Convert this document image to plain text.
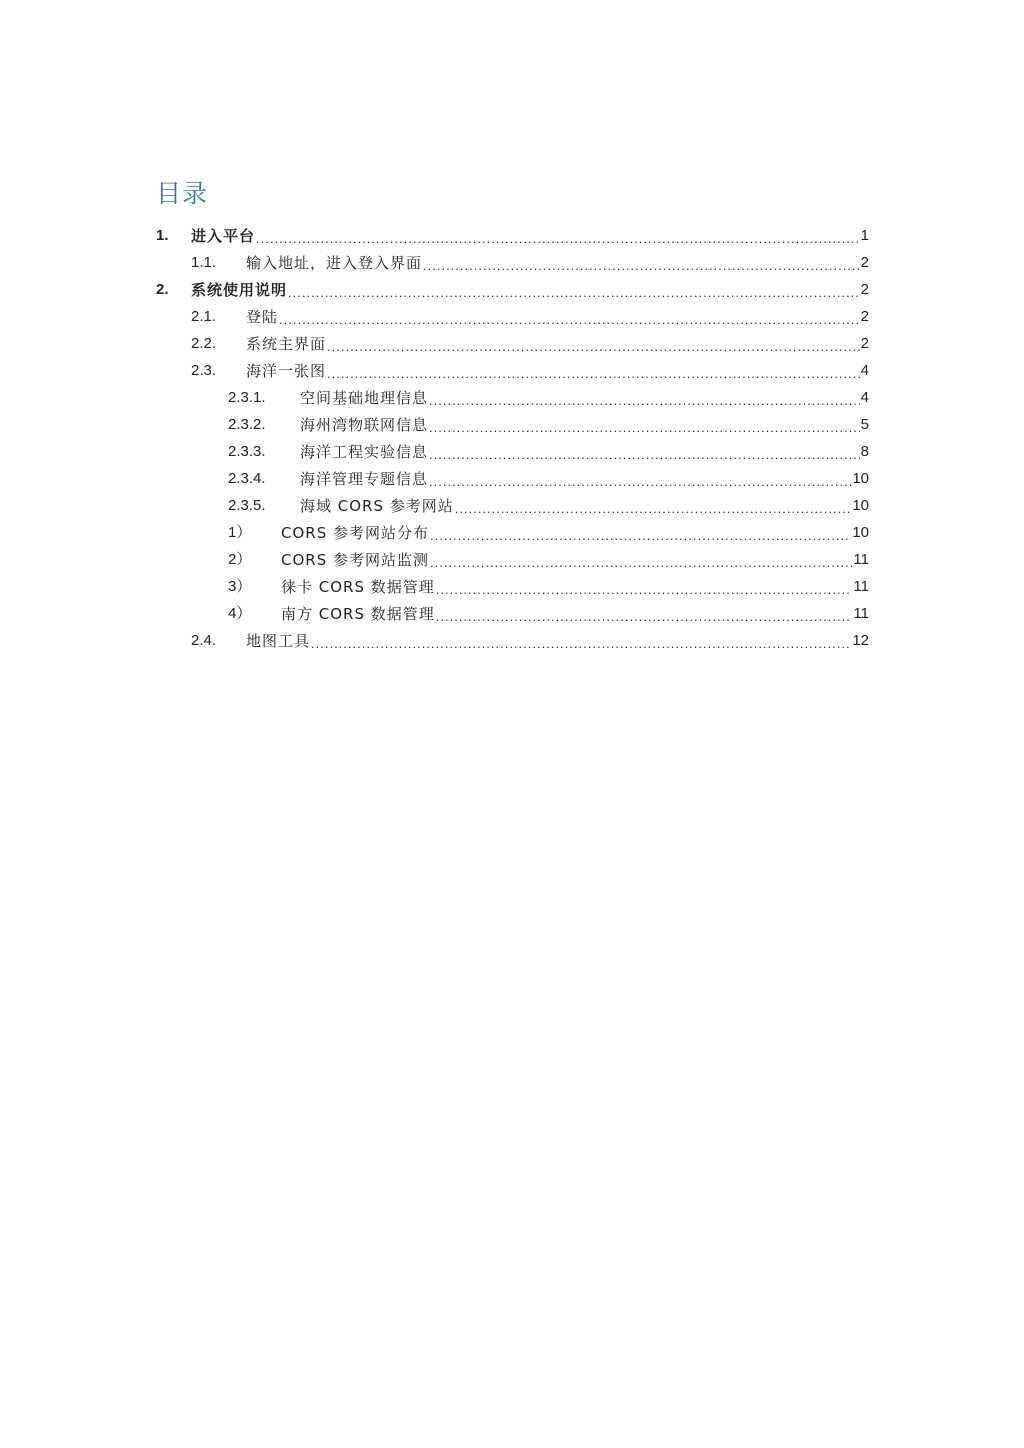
目录
1.	进入平台 .....	1
1.1.	输入地址，进入登入界面 .....	2
2.	系统使用说明 .....	2
2.1.	登陆 .....	2
2.2.	系统主界面 .....	2
2.3.	海洋一张图 .....	4
2.3.1.	空间基础地理信息 .....	4
2.3.2.	海州湾物联网信息 .....	5
2.3.3.	海洋工程实验信息 .....	8
2.3.4.	海洋管理专题信息 .....	10
2.3.5.	海域 CORS 参考网站 .....	10
1）	CORS 参考网站分布 .....	10
2）	CORS 参考网站监测 .....	11
3）	徕卡 CORS 数据管理 .....	11
4）	南方 CORS 数据管理 .....	11
2.4.	地图工具 .....	12
